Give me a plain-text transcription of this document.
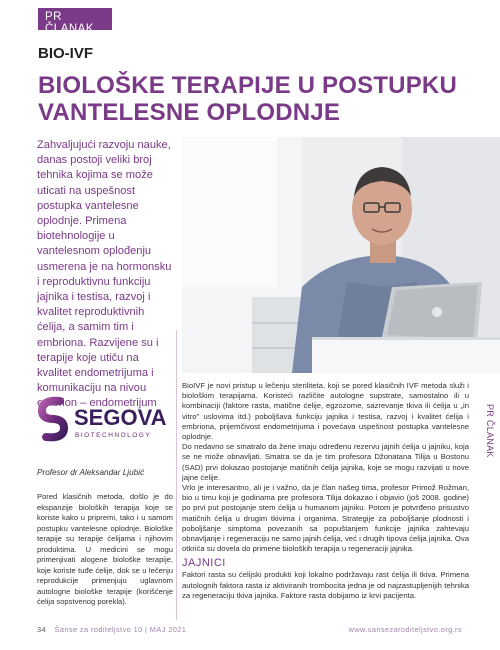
PR ČLANAK
BIO-IVF
BIOLOŠKE TERAPIJE U POSTUPKU VANTELESNE OPLODNJE
Zahvaljujući razvoju nauke, danas postoji veliki broj tehnika kojima se može uticati na uspešnost postupka vantelesne oplodnje. Primena biotehnologije u vantelesnom oplođenju usmerena je na hormonsku i reproduktivnu funkciju jajnika i testisa, razvoj i kvalitet reproduktivnih ćelija, a samim tim i embriona. Razvijene su i terapije koje utiču na kvalitet endometrijuma i komunikaciju na nivou embrion – endometrijum
SEGOVA
BIOTECHNOLOGY
Profesor dr Aleksandar Ljubić
Pored klasičnih metoda, došlo je do ekspanzije bioloških terapija koje se koriste kako u pripremi, tako i u samom postupku vantelesne oplodnje. Biološke terapije su terapije ćelijama i njihovim produktima. U medicini se mogu primenjivati alogene biološke terapije, koje koriste tuđe ćelije, dok se u lečenju reprodukcije primenjuju uglavnom autologne biološke terapije (korišćenje ćelija sopstvenog porekla).

BioIVF je novi pristup u lečenju steriliteta, koji se pored klasičnih IVF metoda služi i biološkim terapijama. Koristeći različite autologne supstrate, samostalno ili u kombinaciji (faktore rasta, matične ćelije, egzozome, sazrevanje tkiva ili ćelija u „in vitro" uslovima itd.) poboljšava funkciju jajnika i testisa, razvoj i kvalitet ćelija i embriona, prijemčivost endometrijuma i povećava uspešnost postupka vantelesne oplodnje.

Do nedavno se smatralo da žene imaju određenu rezervu jajnih ćelija u jajniku, koja se ne može obnavljati. Smatra se da je tim profesora Džonatana Tilija u Bostonu (SAD) prvi dokazao postojanje matičnih ćelija jajnika, koje se mogu razvijati u nove jajne ćelije.

Vrlo je interesantno, ali je i važno, da je član našeg tima, profesor Primož Rožman, bio u timu koji je godinama pre profesora Tilija dokazao i objavio (još 2008. godine) po prvi put postojanje stem ćelija u humanom jajniku. Potom je potvrđeno prisustvo matičnih ćelija u drugim tkivima i organima. Strategije za poboljšanje plodnosti i poboljšanje simptoma povezanih sa popuštanjem funkcije jajnika zahtevaju obnavljanje i regeneraciju ne samo jajnih ćelija, već i drugih tipova ćelija jajnika. Ova otkrića su dovela do primene bioloških terapija u regeneraciji jajnika.

JAJNICI

Faktori rasta su ćelijski produkti koji lokalno podržavaju rast ćelija ili tkiva. Primena autolognih faktora rasta iz aktiviranih trombocita jedna je od najzastupljenijih tehnika za regeneraciju tkiva jajnika. Faktore rasta dobijamo iz krvi pacijenta.

PR ČLANAK
34 Šanse za roditeljstvo 10 | MAJ 2021	www.sansezaroditeljstvo.org.rs
